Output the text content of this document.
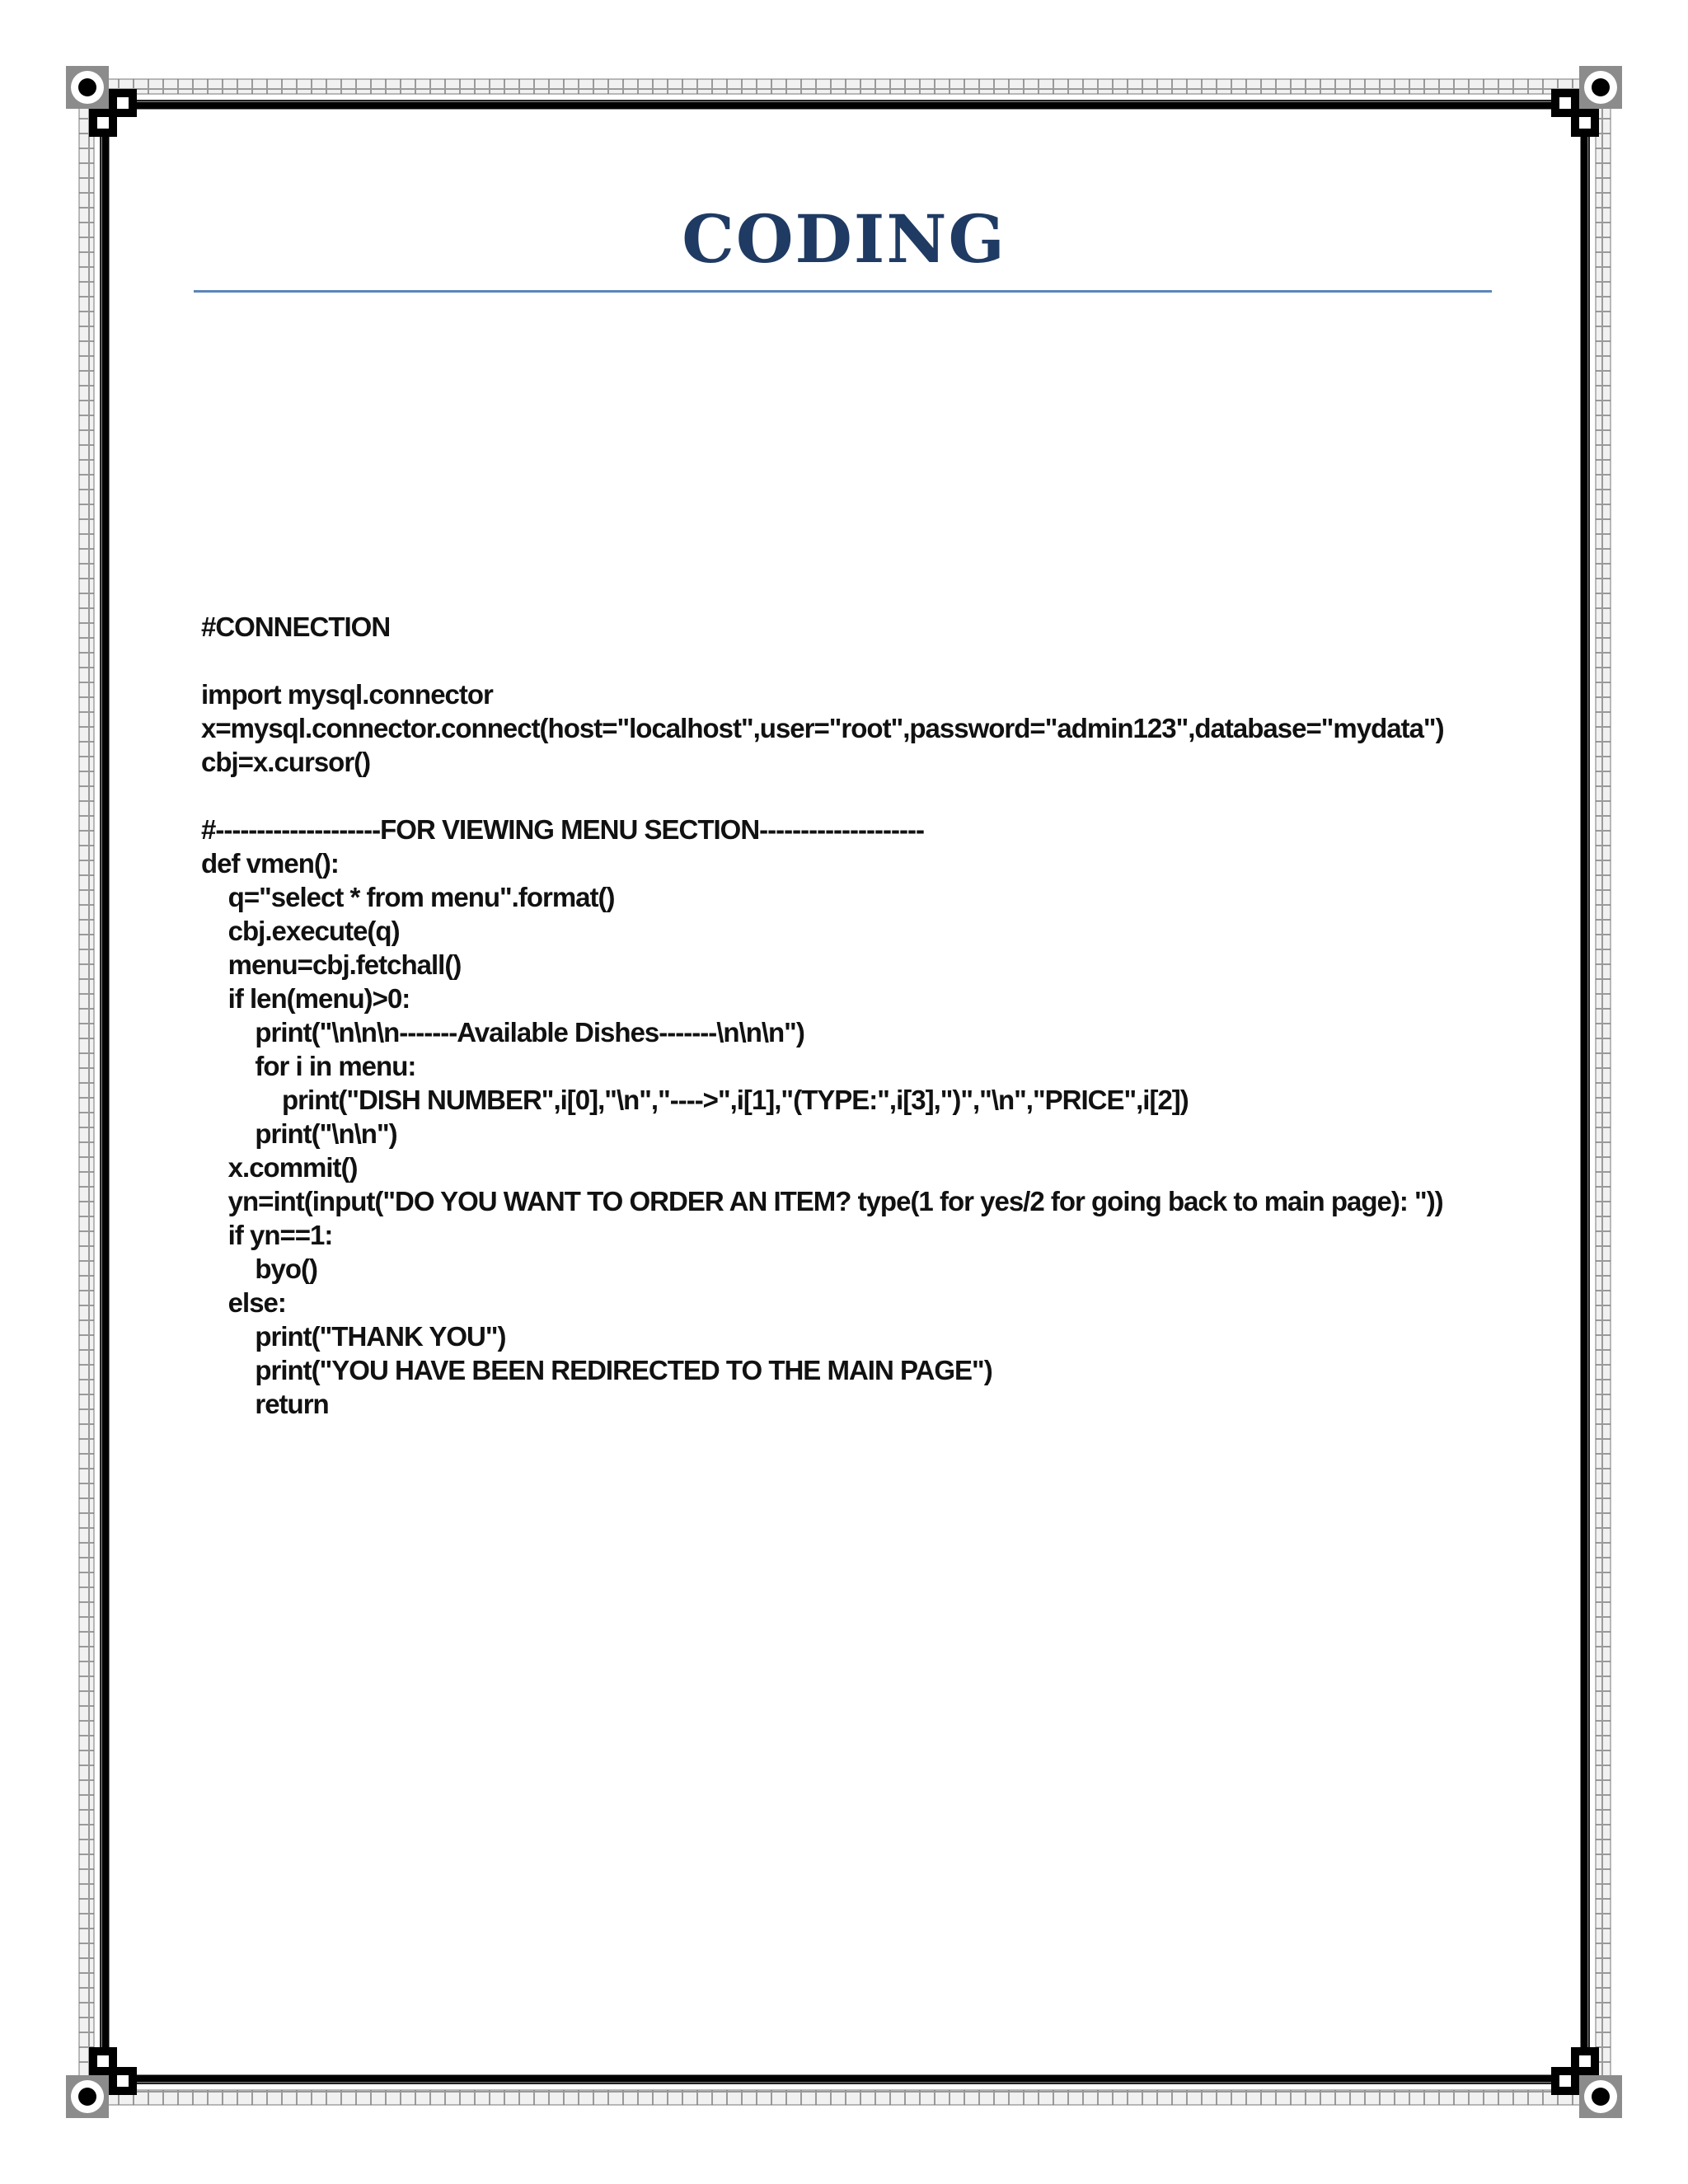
CODING
#CONNECTION
import mysql.connector
x=mysql.connector.connect(host="localhost",user="root",password="admin123",database="mydata")
cbj=x.cursor()
#--------------------FOR VIEWING MENU SECTION--------------------
def vmen():
q="select * from menu".format()
cbj.execute(q)
menu=cbj.fetchall()
if len(menu)>0:
print("\n\n\n-------Available Dishes-------\n\n\n")
for i in menu:
print("DISH NUMBER",i[0],"\n","---->",i[1],"(TYPE:",i[3],")","\n","PRICE",i[2])
print("\n\n")
x.commit()
yn=int(input("DO YOU WANT TO ORDER AN ITEM? type(1 for yes/2 for going back to main page): "))
if yn==1:
byo()
else:
print("THANK YOU")
print("YOU HAVE BEEN REDIRECTED TO THE MAIN PAGE")
return
